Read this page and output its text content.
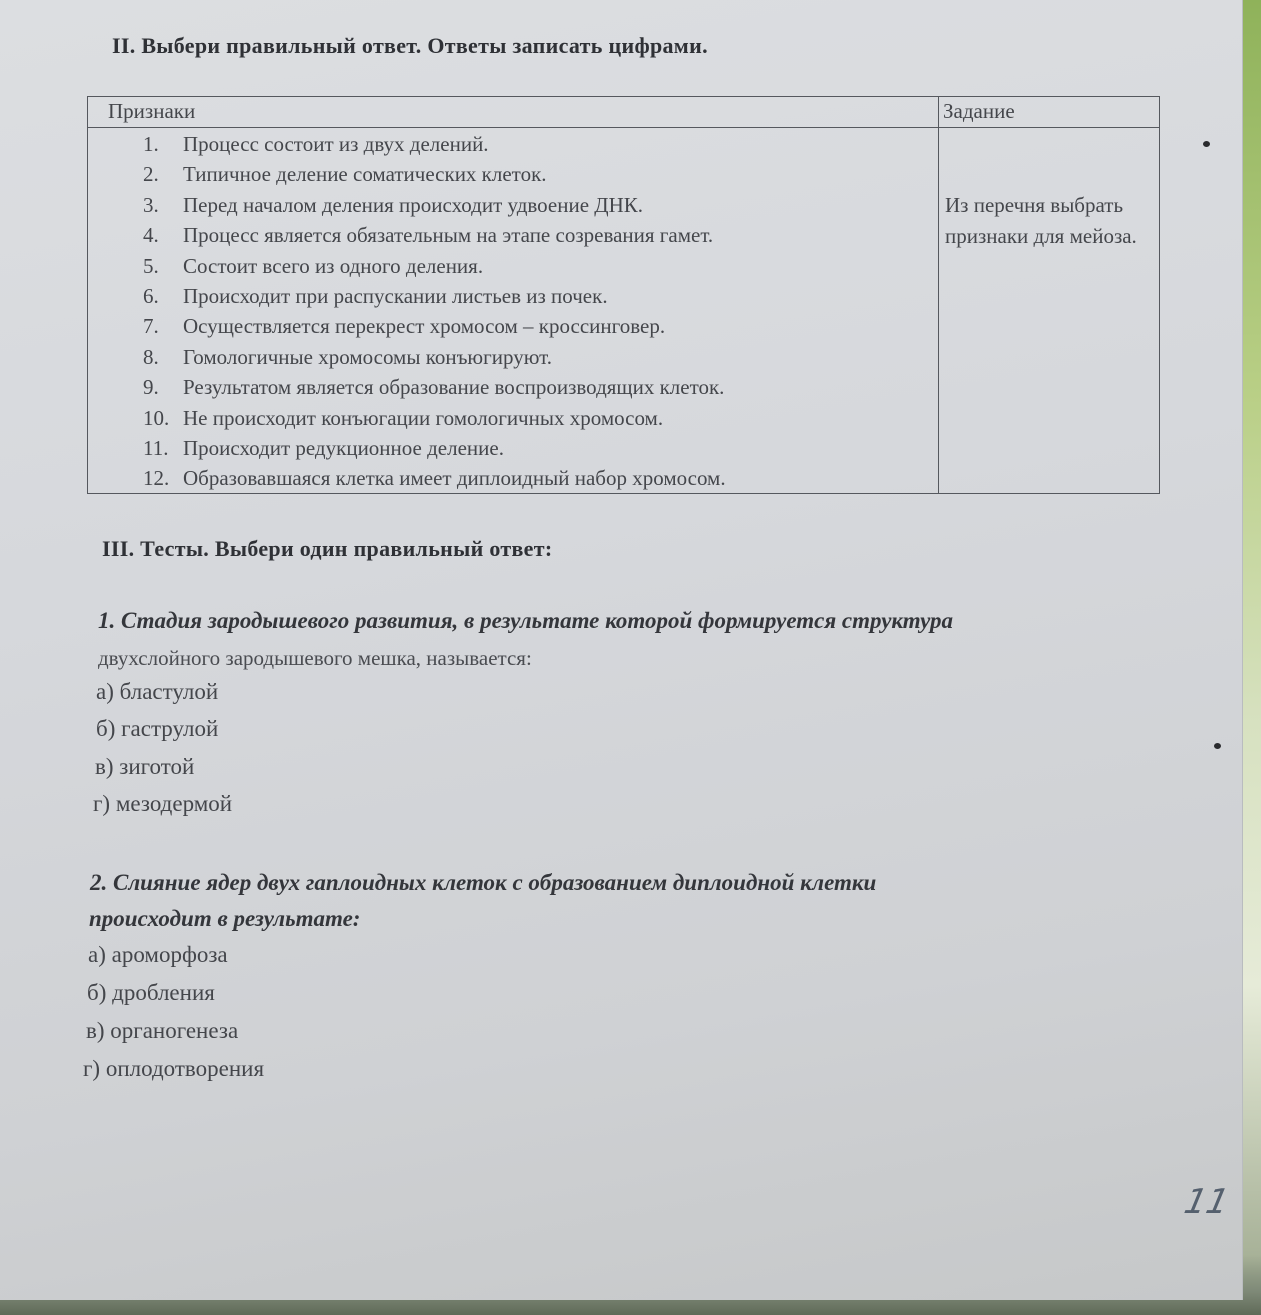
II. Выбери правильный ответ. Ответы записать цифрами.
Признаки	Задание
1. Процесс состоит из двух делений.
2. Типичное деление соматических клеток.
3. Перед началом деления происходит удвоение ДНК.
4. Процесс является обязательным на этапе созревания гамет.
5. Состоит всего из одного деления.
6. Происходит при распускании листьев из почек.
7. Осуществляется перекрест хромосом – кроссинговер.
8. Гомологичные хромосомы конъюгируют.
9. Результатом является образование воспроизводящих клеток.
10. Не происходит конъюгации гомологичных хромосом.
11. Происходит редукционное деление.
12. Образовавшаяся клетка имеет диплоидный набор хромосом.
Из перечня выбрать признаки для мейоза.
III. Тесты. Выбери один правильный ответ:
1. Стадия зародышевого развития, в результате которой формируется структура
двухслойного зародышевого мешка, называется:
а) бластулой
б) гаструлой
в) зиготой
г) мезодермой
2. Слияние ядер двух гаплоидных клеток с образованием диплоидной клетки
происходит в результате:
а) ароморфоза
б) дробления
в) органогенеза
г) оплодотворения
11
